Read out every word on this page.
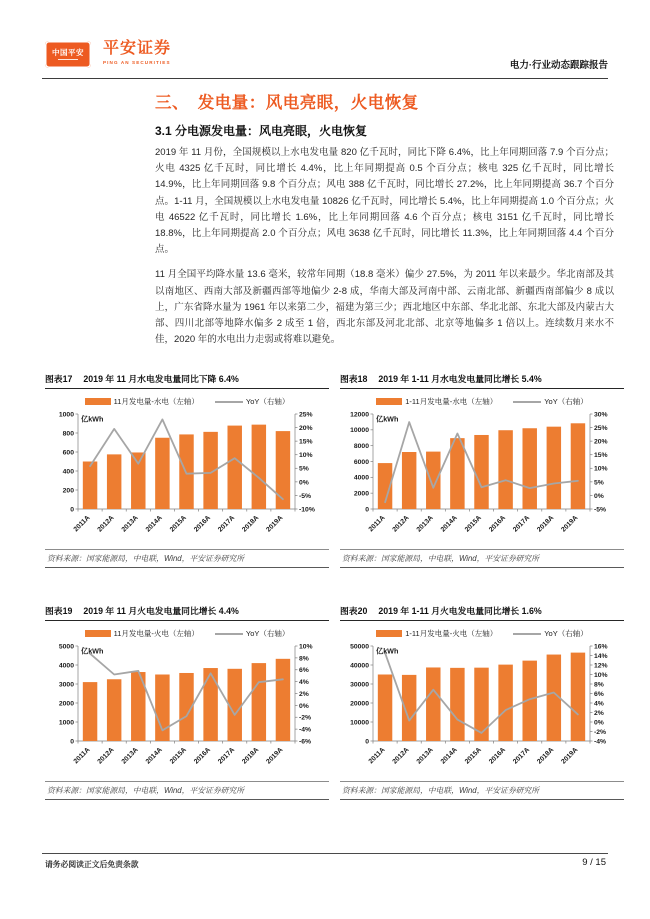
中国平安 平安证券
PING AN SECURITIES	电力·行业动态跟踪报告
三、　发电量：风电亮眼，火电恢复
3.1 分电源发电量：风电亮眼，火电恢复

2019 年 11 月份，全国规模以上水电发电量 820 亿千瓦时，同比下降 6.4%，比上年同期回落 7.9 个百分点；火电 4325 亿千瓦时，同比增长 4.4%，比上年同期提高 0.5 个百分点；核电 325 亿千瓦时，同比增长 14.9%，比上年同期回落 9.8 个百分点；风电 388 亿千瓦时，同比增长 27.2%，比上年同期提高 36.7 个百分点。1-11 月，全国规模以上水电发电量 10826 亿千瓦时，同比增长 5.4%，比上年同期提高 1.0 个百分点；火电 46522 亿千瓦时，同比增长 1.6%，比上年同期回落 4.6 个百分点；核电 3151 亿千瓦时，同比增长 18.8%，比上年同期提高 2.0 个百分点；风电 3638 亿千瓦时，同比增长 11.3%，比上年同期回落 4.4 个百分点。

11 月全国平均降水量 13.6 毫米，较常年同期（18.8 毫米）偏少 27.5%，为 2011 年以来最少。华北南部及其以南地区、西南大部及新疆西部等地偏少 2-8 成，华南大部及河南中部、云南北部、新疆西南部偏少 8 成以上，广东省降水量为 1961 年以来第二少，福建为第三少；西北地区中东部、华北北部、东北大部及内蒙古大部、四川北部等地降水偏多 2 成至 1 倍，西北东部及河北北部、北京等地偏多 1 倍以上。连续数月来水不佳，2020 年的水电出力走弱或将难以避免。

图表17 2019 年 11 月水电发电量同比下降 6.4%
11月发电量-水电（左轴）	YoY（右轴）
0
200
400
600
800
1000
-10%
-5%
0%
5%
10%
15%
20%
25%
2011A 2012A 2013A 2014A 2015A 2016A 2017A 2018A 2019A
亿kWh
资料来源：国家能源局，中电联，Wind，平安证券研究所
图表18 2019 年 1-11 月水电发电量同比增长 5.4%
1-11月发电量-水电（左轴）	YoY（右轴）
0
2000
4000
6000
8000
10000
12000
-5%
0%
5%
10%
15%
20%
25%
30%
2011A 2012A 2013A 2014A 2015A 2016A 2017A 2018A 2019A
亿kWh
资料来源：国家能源局，中电联，Wind，平安证券研究所
图表19 2019 年 11 月火电发电量同比增长 4.4%
11月发电量-火电（左轴）	YoY（右轴）
0
1000
2000
3000
4000
5000
-6%
-4%
-2%
0%
2%
4%
6%
8%
10%
2011A 2012A 2013A 2014A 2015A 2016A 2017A 2018A 2019A
亿kWh
资料来源：国家能源局，中电联，Wind，平安证券研究所
图表20 2019 年 1-11 月火电发电量同比增长 1.6%
1-11月发电量-火电（左轴）	YoY（右轴）
0
10000
20000
30000
40000
50000
-4%
-2%
0%
2%
4%
6%
8%
10%
12%
14%
16%
2011A 2012A 2013A 2014A 2015A 2016A 2017A 2018A 2019A
亿kWh
资料来源：国家能源局，中电联，Wind，平安证券研究所
请务必阅读正文后免责条款	9 / 15
